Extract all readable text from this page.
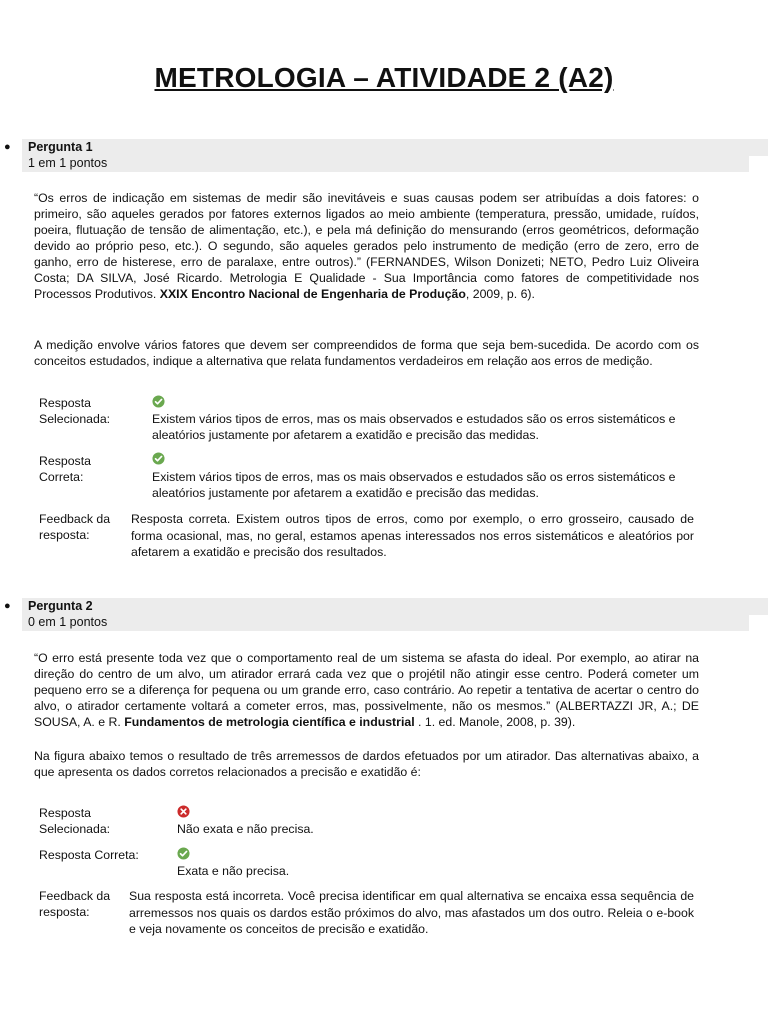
METROLOGIA – ATIVIDADE 2 (A2)
● Pergunta 1
1 em 1 pontos
“Os erros de indicação em sistemas de medir são inevitáveis e suas causas podem ser atribuídas a dois fatores: o primeiro, são aqueles gerados por fatores externos ligados ao meio ambiente (temperatura, pressão, umidade, ruídos, poeira, flutuação de tensão de alimentação, etc.), e pela má definição do mensurando (erros geométricos, deformação devido ao próprio peso, etc.). O segundo, são aqueles gerados pelo instrumento de medição (erro de zero, erro de ganho, erro de histerese, erro de paralaxe, entre outros).” (FERNANDES, Wilson Donizeti; NETO, Pedro Luiz Oliveira Costa; DA SILVA, José Ricardo. Metrologia E Qualidade - Sua Importância como fatores de competitividade nos Processos Produtivos. XXIX Encontro Nacional de Engenharia de Produção, 2009, p. 6).
A medição envolve vários fatores que devem ser compreendidos de forma que seja bem-sucedida. De acordo com os conceitos estudados, indique a alternativa que relata fundamentos verdadeiros em relação aos erros de medição.
Resposta
Selecionada:	Existem vários tipos de erros, mas os mais observados e estudados são os erros sistemáticos e aleatórios justamente por afetarem a exatidão e precisão das medidas.
Resposta
Correta:	Existem vários tipos de erros, mas os mais observados e estudados são os erros sistemáticos e aleatórios justamente por afetarem a exatidão e precisão das medidas.
Feedback da
resposta:
Resposta correta. Existem outros tipos de erros, como por exemplo, o erro grosseiro, causado de forma ocasional, mas, no geral, estamos apenas interessados nos erros sistemáticos e aleatórios por afetarem a exatidão e precisão dos resultados.
● Pergunta 2
0 em 1 pontos
“O erro está presente toda vez que o comportamento real de um sistema se afasta do ideal. Por exemplo, ao atirar na direção do centro de um alvo, um atirador errará cada vez que o projétil não atingir esse centro. Poderá cometer um pequeno erro se a diferença for pequena ou um grande erro, caso contrário. Ao repetir a tentativa de acertar o centro do alvo, o atirador certamente voltará a cometer erros, mas, possivelmente, não os mesmos.” (ALBERTAZZI JR, A.; DE SOUSA, A. e R. Fundamentos de metrologia científica e industrial . 1. ed. Manole, 2008, p. 39).
Na figura abaixo temos o resultado de três arremessos de dardos efetuados por um atirador. Das alternativas abaixo, a que apresenta os dados corretos relacionados a precisão e exatidão é:
Resposta
Selecionada:	Não exata e não precisa.
Resposta Correta:
Exata e não precisa.
Feedback da
resposta:
Sua resposta está incorreta. Você precisa identificar em qual alternativa se encaixa essa sequência de arremessos nos quais os dardos estão próximos do alvo, mas afastados um dos outro. Releia o e-book e veja novamente os conceitos de precisão e exatidão.
